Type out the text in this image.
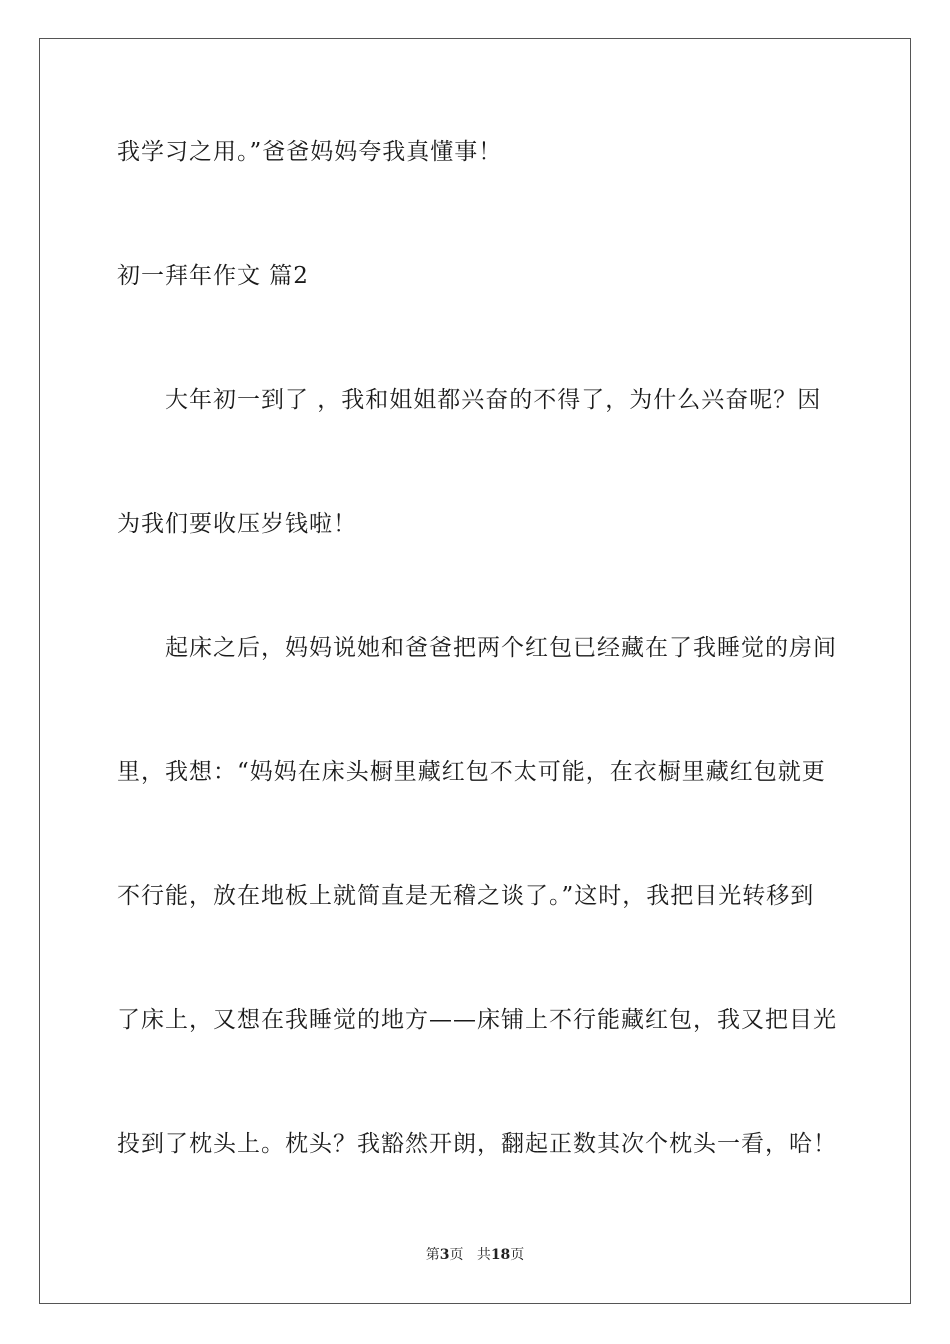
我学习之用。”爸爸妈妈夸我真懂事！
初一拜年作文 篇2
大年初一到了 ，我和姐姐都兴奋的不得了，为什么兴奋呢？因
为我们要收压岁钱啦！
起床之后，妈妈说她和爸爸把两个红包已经藏在了我睡觉的房间
里，我想：“妈妈在床头橱里藏红包不太可能，在衣橱里藏红包就更
不行能，放在地板上就简直是无稽之谈了。”这时，我把目光转移到
了床上，又想在我睡觉的地方——床铺上不行能藏红包，我又把目光
投到了枕头上。枕头？我豁然开朗，翻起正数其次个枕头一看，哈！
第3页 共18页
